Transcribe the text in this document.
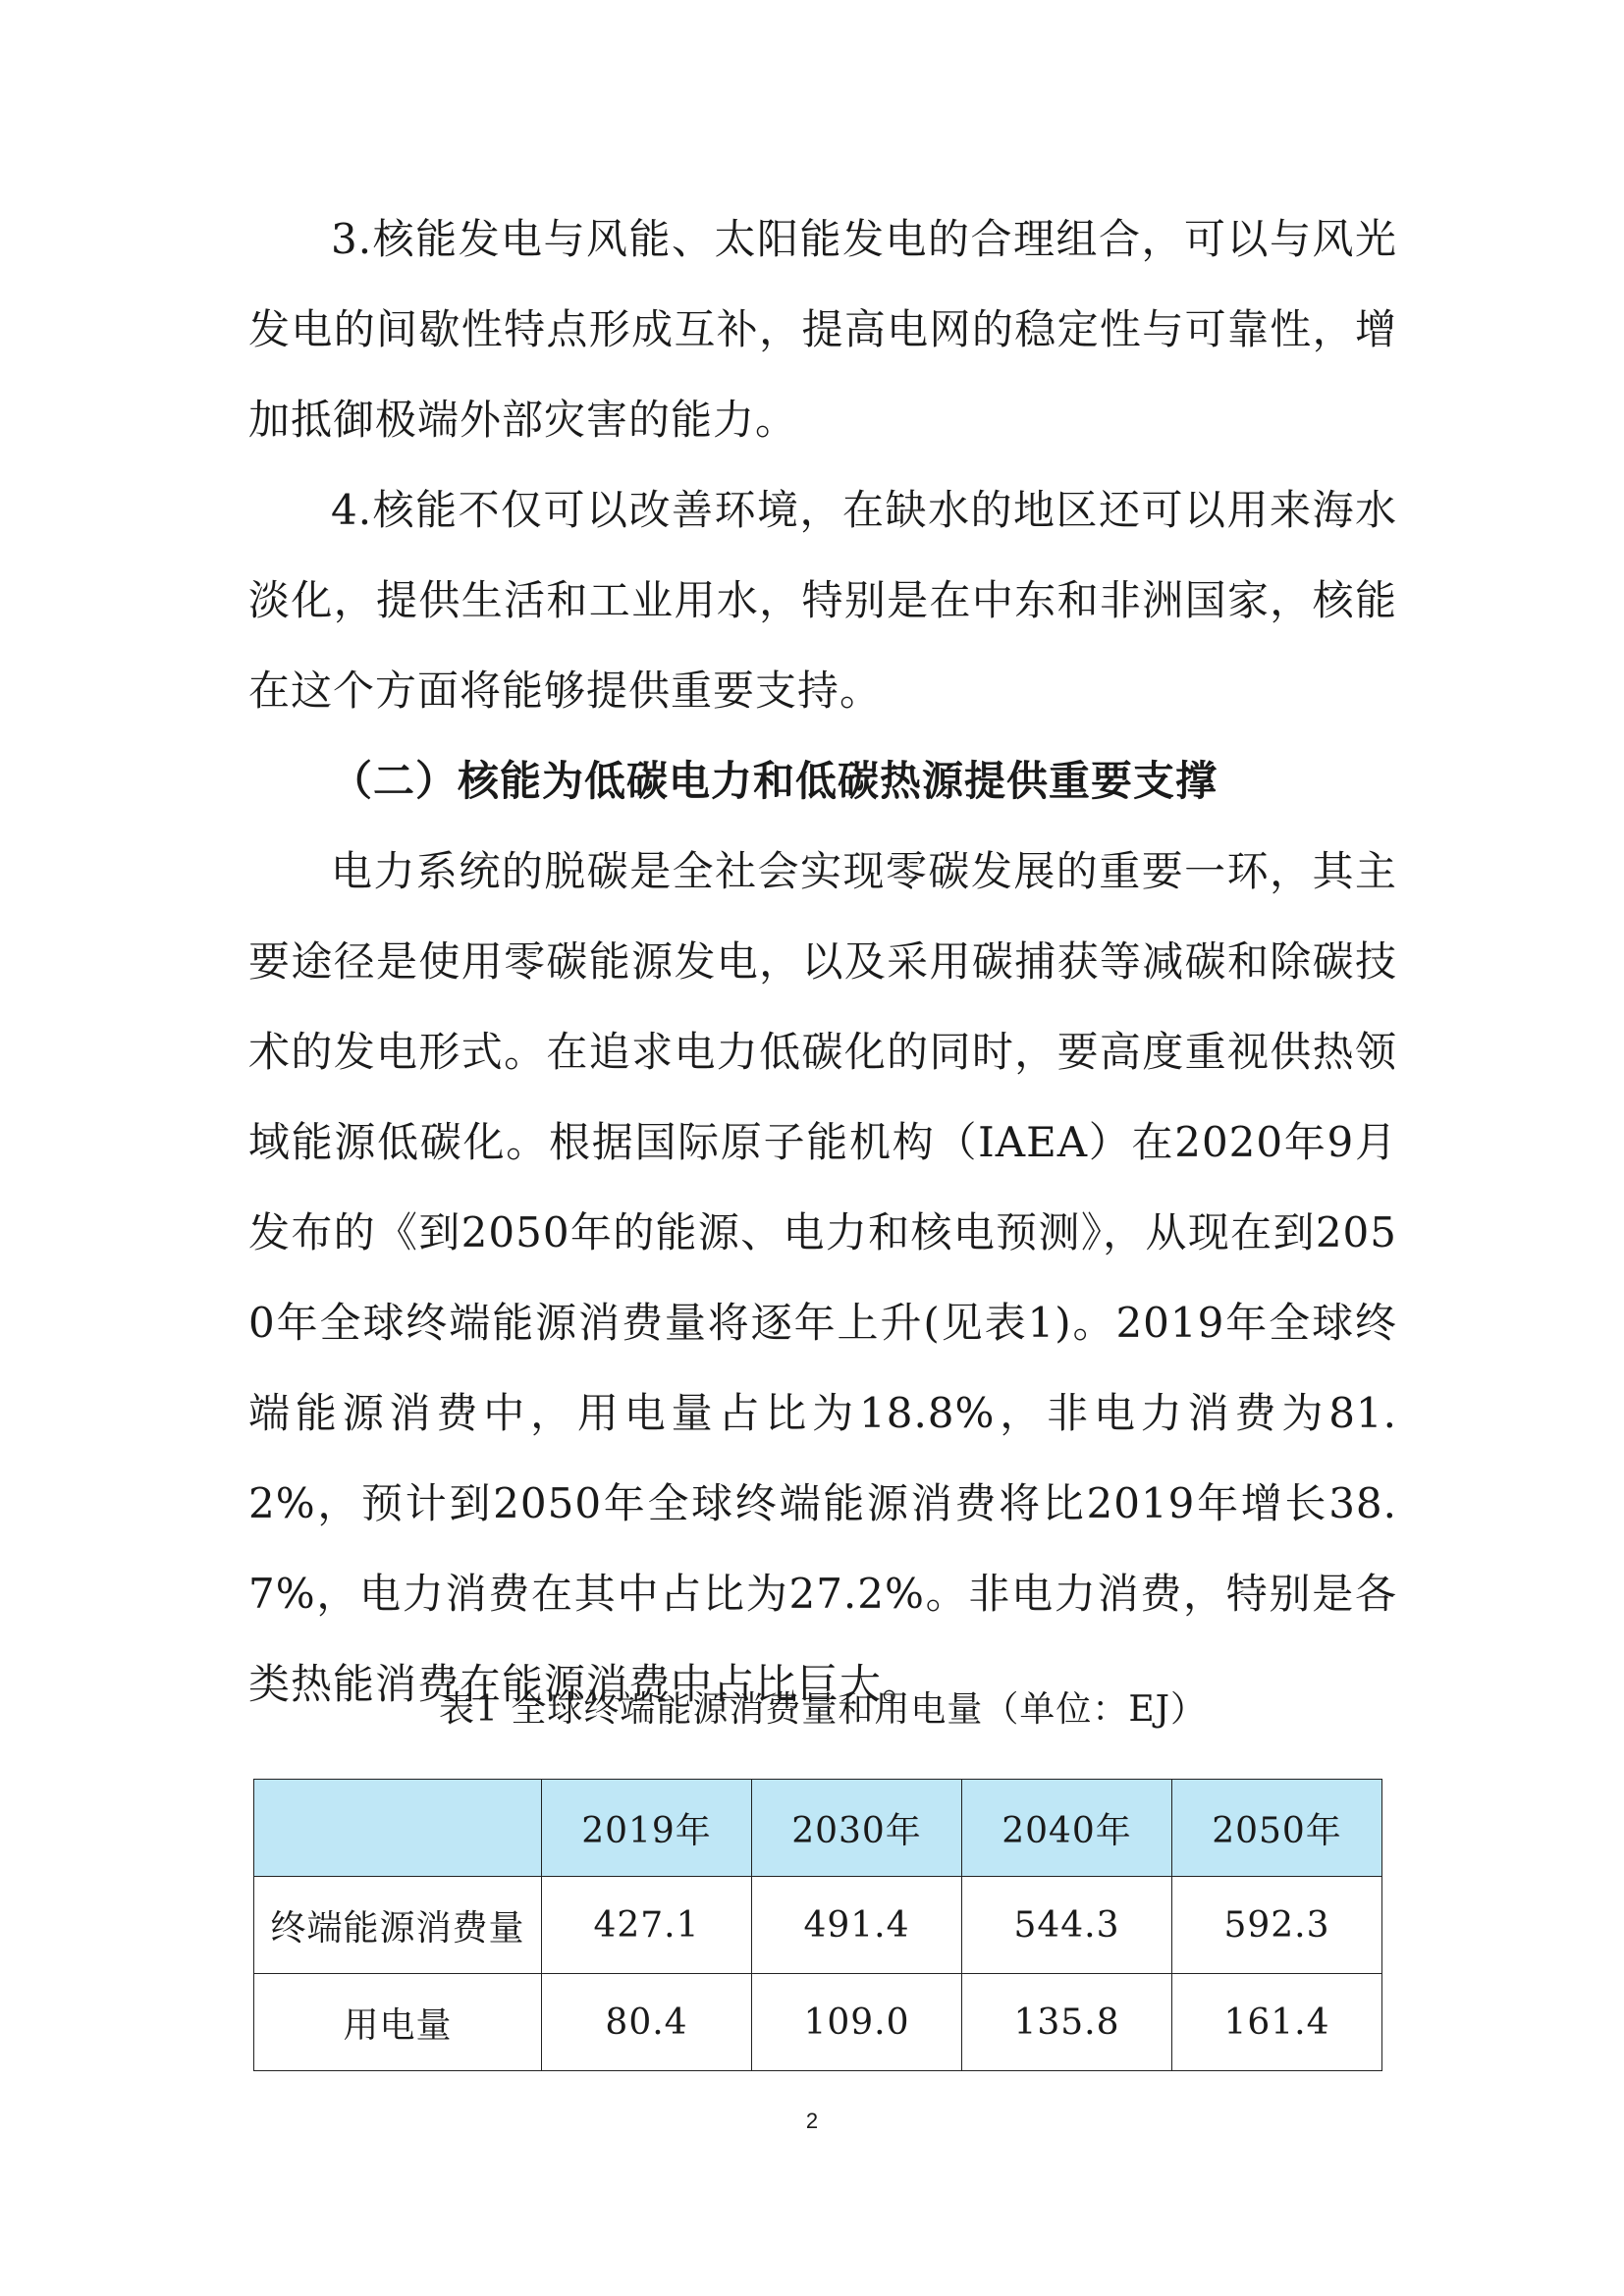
3.核能发电与风能、太阳能发电的合理组合，可以与风光发电的间歇性特点形成互补，提高电网的稳定性与可靠性，增加抵御极端外部灾害的能力。

4.核能不仅可以改善环境，在缺水的地区还可以用来海水淡化，提供生活和工业用水，特别是在中东和非洲国家，核能在这个方面将能够提供重要支持。

（二）核能为低碳电力和低碳热源提供重要支撑

电力系统的脱碳是全社会实现零碳发展的重要一环，其主要途径是使用零碳能源发电，以及采用碳捕获等减碳和除碳技术的发电形式。在追求电力低碳化的同时，要高度重视供热领域能源低碳化。根据国际原子能机构（IAEA）在2020年9月发布的《到2050年的能源、电力和核电预测》，从现在到2050年全球终端能源消费量将逐年上升(见表1)。2019年全球终端能源消费中，用电量占比为18.8%，非电力消费为81.2%，预计到2050年全球终端能源消费将比2019年增长38.7%，电力消费在其中占比为27.2%。非电力消费，特别是各类热能消费在能源消费中占比巨大。

表1 全球终端能源消费量和用电量（单位：EJ）
	2019年	2030年	2040年	2050年
终端能源消费量	427.1	491.4	544.3	592.3
用电量	80.4	109.0	135.8	161.4
2
